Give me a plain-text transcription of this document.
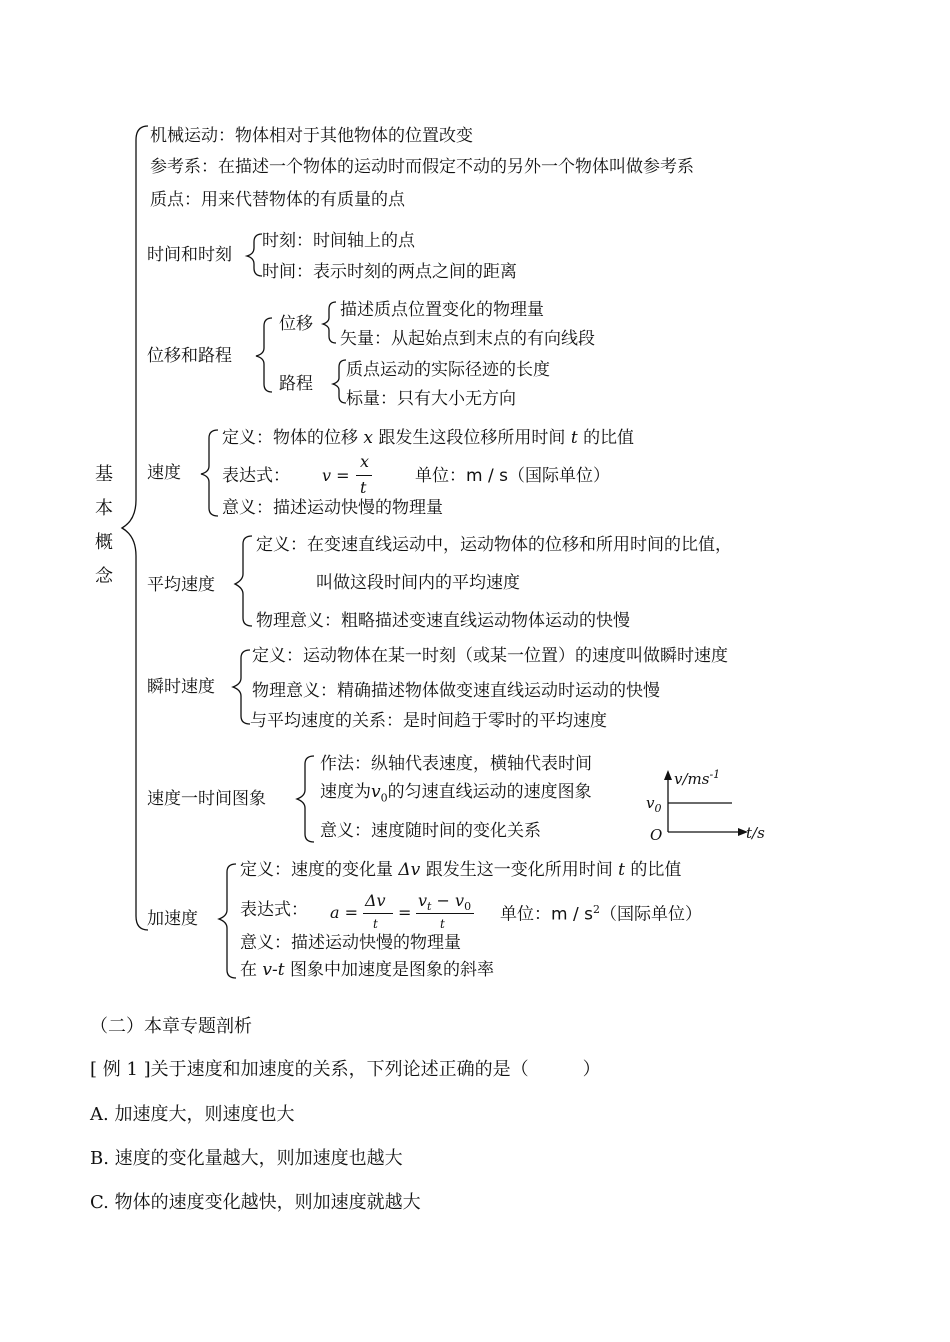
基本概念
机械运动：物体相对于其他物体的位置改变
参考系：在描述一个物体的运动时而假定不动的另外一个物体叫做参考系
质点：用来代替物体的有质量的点
时间和时刻
时刻：时间轴上的点
时间：表示时刻的两点之间的距离
位移和路程
位移
描述质点位置变化的物理量
矢量：从起始点到末点的有向线段
路程
质点运动的实际径迹的长度
标量：只有大小无方向
速度
定义：物体的位移 x 跟发生这段位移所用时间 t 的比值
表达式： v =
x
t
单位：m / s（国际单位）
意义：描述运动快慢的物理量
平均速度
定义：在变速直线运动中，运动物体的位移和所用时间的比值，
叫做这段时间内的平均速度
物理意义：粗略描述变速直线运动物体运动的快慢
瞬时速度
定义：运动物体在某一时刻（或某一位置）的速度叫做瞬时速度
物理意义：精确描述物体做变速直线运动时运动的快慢
与平均速度的关系：是时间趋于零时的平均速度
速度一时间图象
作法：纵轴代表速度，横轴代表时间
速度为$v_0$的匀速直线运动的速度图象
意义：速度随时间的变化关系
$v/ms^{-1}$
$v_0$
O	t/s
加速度
定义：速度的变化量 Δv 跟发生这一变化所用时间 t 的比值
表达式： a =
Δv
t
=
$v_t - v_0$
t	单位：m / $s^2$（国际单位）
意义：描述运动快慢的物理量
在 v-t 图象中加速度是图象的斜率
（二）本章专题剖析
[ 例 1 ]关于速度和加速度的关系，下列论述正确的是（　　　）
A. 加速度大，则速度也大
B. 速度的变化量越大，则加速度也越大
C. 物体的速度变化越快，则加速度就越大
